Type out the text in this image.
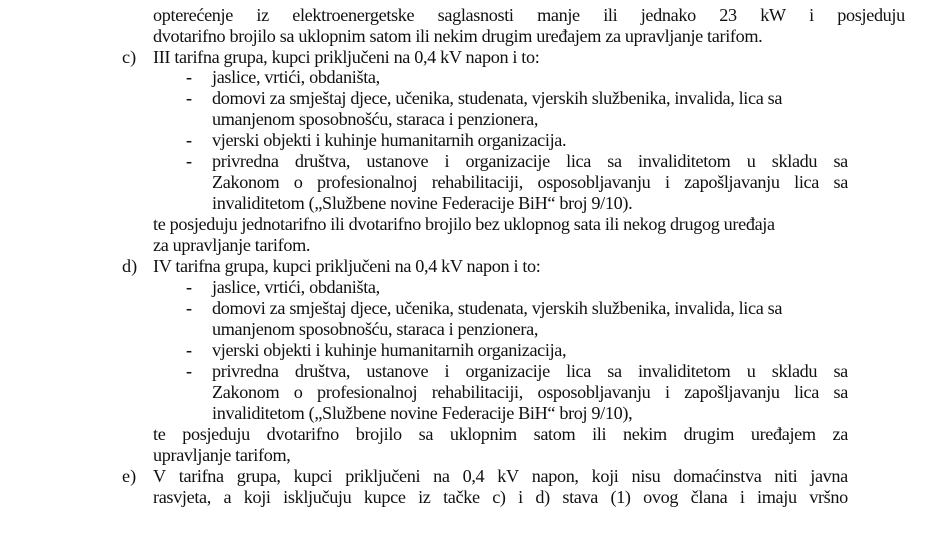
opterećenje iz elektroenergetske saglasnosti manje ili jednako 23 kW i posjeduju
dvotarifno brojilo sa uklopnim satom ili nekim drugim uređajem za upravljanje tarifom.
c) III tarifna grupa, kupci priključeni na 0,4 kV napon i to:
- jaslice, vrtići, obdaništa,
- domovi za smještaj djece, učenika, studenata, vjerskih službenika, invalida, lica sa
umanjenom sposobnošću, staraca i penzionera,
- vjerski objekti i kuhinje humanitarnih organizacija.
- privredna društva, ustanove i organizacije lica sa invaliditetom u skladu sa
Zakonom o profesionalnoj rehabilitaciji, osposobljavanju i zapošljavanju lica sa
invaliditetom („Službene novine Federacije BiH“ broj 9/10).
te posjeduju jednotarifno ili dvotarifno brojilo bez uklopnog sata ili nekog drugog uređaja
za upravljanje tarifom.
d) IV tarifna grupa, kupci priključeni na 0,4 kV napon i to:
- jaslice, vrtići, obdaništa,
- domovi za smještaj djece, učenika, studenata, vjerskih službenika, invalida, lica sa
umanjenom sposobnošću, staraca i penzionera,
- vjerski objekti i kuhinje humanitarnih organizacija,
- privredna društva, ustanove i organizacije lica sa invaliditetom u skladu sa
Zakonom o profesionalnoj rehabilitaciji, osposobljavanju i zapošljavanju lica sa
invaliditetom („Službene novine Federacije BiH“ broj 9/10),
te posjeduju dvotarifno brojilo sa uklopnim satom ili nekim drugim uređajem za
upravljanje tarifom,
e) V tarifna grupa, kupci priključeni na 0,4 kV napon, koji nisu domaćinstva niti javna
rasvjeta, a koji isključuju kupce iz tačke c) i d) stava (1) ovog člana i imaju vršno
